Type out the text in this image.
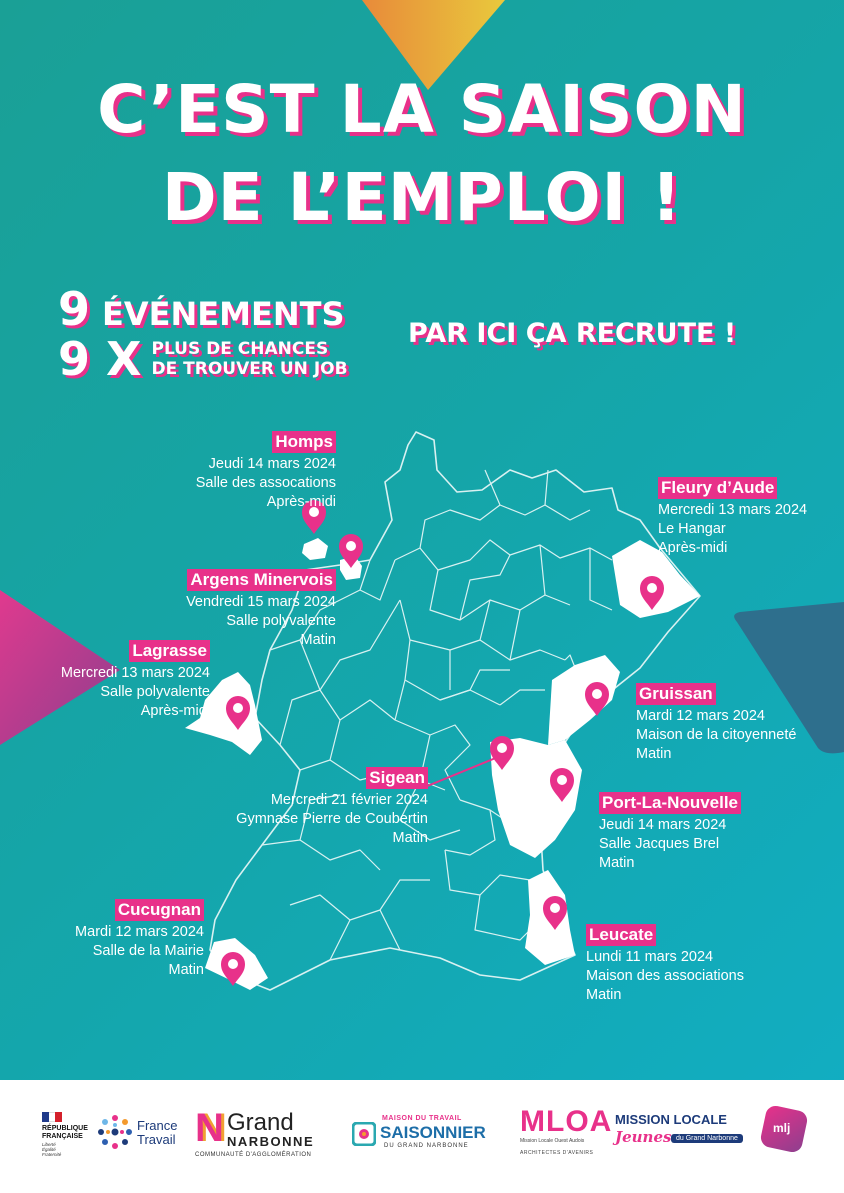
C’EST LA SAISON
DE L’EMPLOI !
9 ÉVÉNEMENTS
9 X PLUS DE CHANCES
DE TROUVER UN JOB

PAR ICI ÇA RECRUTE !

Homps
Jeudi 14 mars 2024
Salle des assocations
Après-midi
Argens Minervois
Vendredi 15 mars 2024
Salle polyvalente
Matin
Lagrasse
Mercredi 13 mars 2024
Salle polyvalente
Après-midi
Sigean
Mercredi 21 février 2024
Gymnase Pierre de Coubertin
Matin
Cucugnan
Mardi 12 mars 2024
Salle de la Mairie
Matin
Fleury d’Aude
Mercredi 13 mars 2024
Le Hangar
Après-midi
Gruissan
Mardi 12 mars 2024
Maison de la citoyenneté
Matin
Port-La-Nouvelle
Jeudi 14 mars 2024
Salle Jacques Brel
Matin
Leucate
Lundi 11 mars 2024
Maison des associations
Matin
RÉPUBLIQUE
FRANÇAISE
Liberté
Égalité
Fraternité
France
Travail N Grand
NARBONNE
COMMUNAUTÉ D'AGGLOMÉRATION
MAISON DU TRAVAIL
SAISONNIER
DU GRAND NARBONNE
MLOA
Mission Locale Ouest Audois
ARCHITECTES D'AVENIRS
MISSION LOCALE
Jeunes du Grand Narbonne
mlj
